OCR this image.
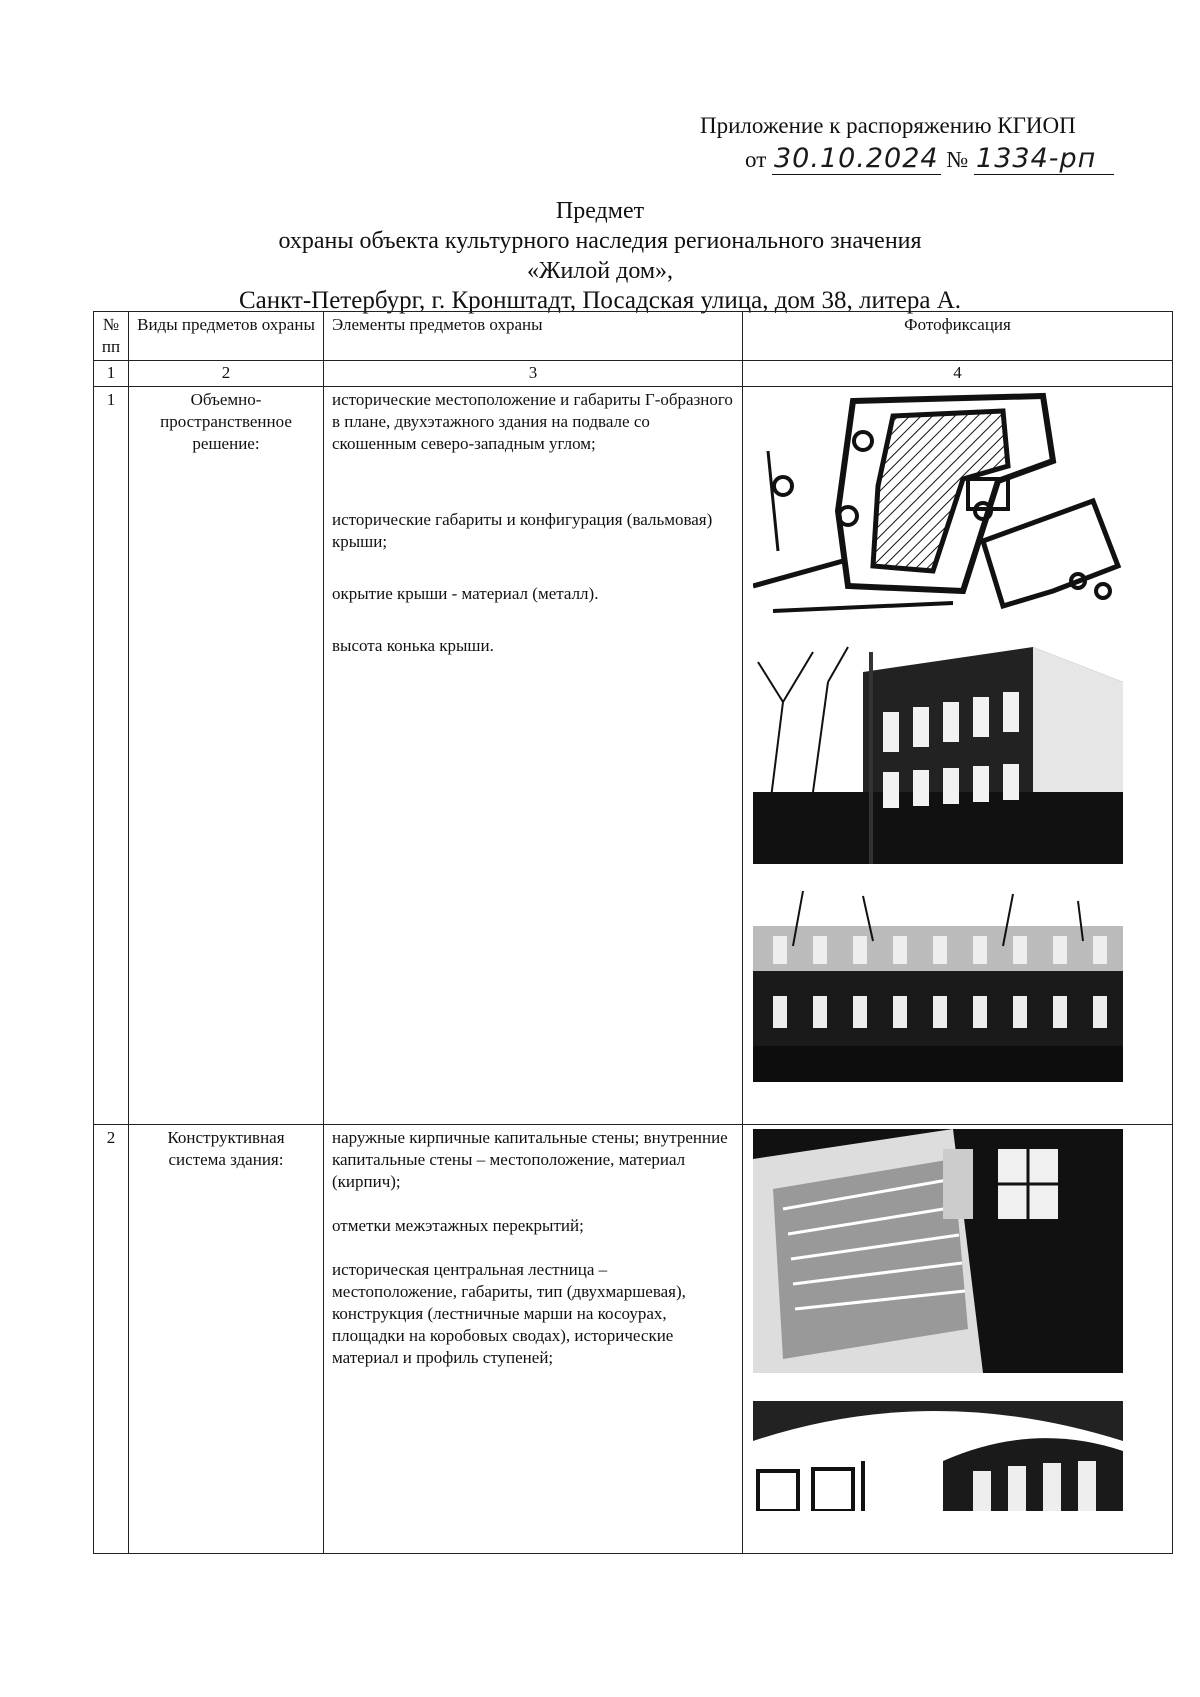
Приложение к распоряжению КГИОП
от 30.10.2024 № 1334-рп
Предмет
охраны объекта культурного наследия регионального значения
«Жилой дом»,
Санкт-Петербург, г. Кронштадт, Посадская улица, дом 38, литера А.
№ пп	Виды предметов охраны	Элементы предметов охраны	Фотофиксация
1	2	3	4
1	Объемно-пространственное решение:	исторические местоположение и габариты Г-образного в плане, двухэтажного здания на подвале со скошенным северо-западным углом;

исторические габариты и конфигурация (вальмовая) крыши;

окрытие крыши - материал (металл).

высота конька крыши.

2	Конструктивная система здания:	наружные кирпичные капитальные стены; внутренние капитальные стены – местоположение, материал (кирпич);

отметки межэтажных перекрытий;

историческая центральная лестница – местоположение, габариты, тип (двухмаршевая), конструкция (лестничные марши на косоурах, площадки на коробовых сводах), исторические материал и профиль ступеней;
